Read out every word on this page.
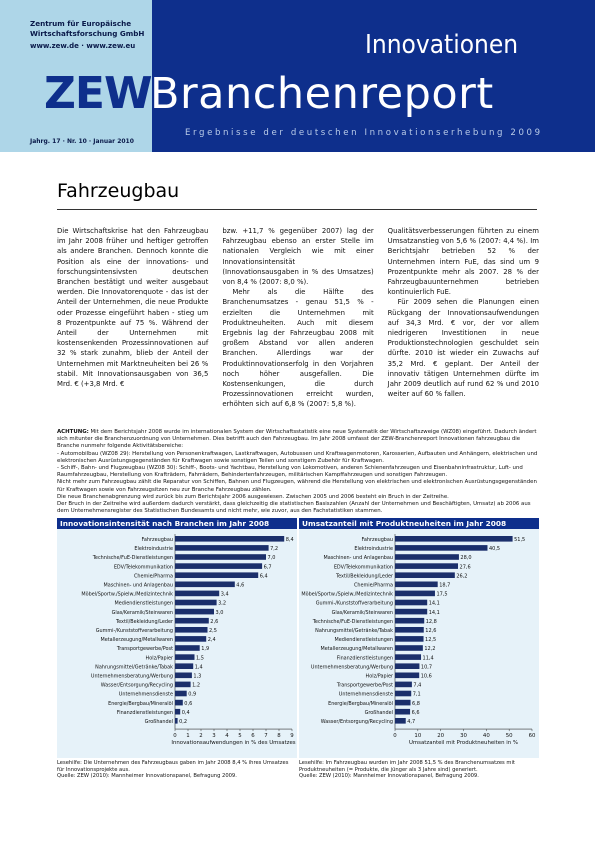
Zentrum für Europäische
Wirtschaftsforschung GmbH
www.zew.de · www.zew.eu
ZEW
Jahrg. 17 · Nr. 10 · Januar 2010
Innovationen
Branchenreport
Ergebnisse der deutschen Innovationserhebung 2009
Fahrzeugbau

Die Wirtschaftskrise hat den Fahrzeugbau im Jahr 2008 früher und heftiger getroffen als andere Branchen. Dennoch konnte die Position als eine der innovations- und forschungsintensivsten deutschen Branchen bestätigt und weiter ausgebaut werden. Die Innovatorenquote - das ist der Anteil der Unternehmen, die neue Produkte oder Prozesse eingeführt haben - stieg um 8 Prozentpunkte auf 75 %. Während der Anteil der Unternehmen mit kostensenkenden Prozessinnovationen auf 32 % stark zunahm, blieb der Anteil der Unternehmen mit Marktneuheiten bei 26 % stabil. Mit Innovationsausgaben von 36,5 Mrd. € (+3,8 Mrd. €

bzw. +11,7 % gegenüber 2007) lag der Fahrzeugbau ebenso an erster Stelle im nationalen Vergleich wie mit einer Innovationsintensität (Innovationsausgaben in % des Umsatzes) von 8,4 % (2007: 8,0 %).

Mehr als die Hälfte des Branchenumsatzes - genau 51,5 % - erzielten die Unternehmen mit Produktneuheiten. Auch mit diesem Ergebnis lag der Fahrzeugbau 2008 mit großem Abstand vor allen anderen Branchen. Allerdings war der Produktinnovationserfolg in den Vorjahren noch höher ausgefallen. Die Kostensenkungen, die durch Prozessinnovationen erreicht wurden, erhöhten sich auf 6,8 % (2007: 5,8 %).

Qualitätsverbesserungen führten zu einem Umsatzanstieg von 5,6 % (2007: 4,4 %). Im Berichtsjahr betrieben 52 % der Unternehmen intern FuE, das sind um 9 Prozentpunkte mehr als 2007. 28 % der Fahrzeugbauunternehmen betrieben kontinuierlich FuE.

Für 2009 sehen die Planungen einen Rückgang der Innovationsaufwendungen auf 34,3 Mrd. € vor, der vor allem niedrigeren Investitionen in neue Produktionstechnologien geschuldet sein dürfte. 2010 ist wieder ein Zuwachs auf 35,2 Mrd. € geplant. Der Anteil der innovativ tätigen Unternehmen dürfte im Jahr 2009 deutlich auf rund 62 % und 2010 weiter auf 60 % fallen.

ACHTUNG: Mit dem Berichtsjahr 2008 wurde im internationalen System der Wirtschaftsstatistik eine neue Systematik der Wirtschaftszweige (WZ08) eingeführt. Dadurch ändert sich mitunter die Branchenzuordnung von Unternehmen. Dies betrifft auch den Fahrzeugbau. Im Jahr 2008 umfasst der ZEW-Branchenreport Innovationen fahrzeugbau die Branche nunmehr folgende Aktivitätsbereiche:
- Automobilbau (WZ08 29): Herstellung von Personenkraftwagen, Lastkraftwagen, Autobussen und Kraftwagenmotoren, Karosserien, Aufbauten und Anhängern, elektrischen und elektronischen Ausrüstungsgegenständen für Kraftwagen sowie sonstigen Teilen und sonstigem Zubehör für Kraftwagen.
- Schiff-, Bahn- und Flugzeugbau (WZ08 30): Schiff-, Boots- und Yachtbau, Herstellung von Lokomotiven, anderen Schienenfahrzeugen und Eisenbahninfrastruktur, Luft- und Raumfahrzeugbau, Herstellung von Krafträdern, Fahrrädern, Behindertenfahrzeugen, militärischen Kampffahrzeugen und sonstigen Fahrzeugen.
Nicht mehr zum Fahrzeugbau zählt die Reparatur von Schiffen, Bahnen und Flugzeugen, während die Herstellung von elektrischen und elektronischen Ausrüstungsgegenständen für Kraftwagen sowie von Fahrzeugsitzen neu zur Branche Fahrzeugbau zählen.
Die neue Branchenabgrenzung wird zurück bis zum Berichtsjahr 2006 ausgewiesen. Zwischen 2005 und 2006 besteht ein Bruch in der Zeitreihe.
Der Bruch in der Zeitreihe wird außerdem dadurch verstärkt, dass gleichzeitig die statistischen Basiszahlen (Anzahl der Unternehmen und Beschäftigten, Umsatz) ab 2006 aus dem Unternehmensregister des Statistischen Bundesamts und nicht mehr, wie zuvor, aus den Fachstatistiken stammen.
Innovationsintensität nach Branchen im Jahr 2008
0 1 2 3 4 5 6 7 8 9
Fahrzeugbau	8,4
Elektroindustrie	7,2
Technische/FuE-Dienstleistungen	7,0
EDV/Telekommunikation	6,7
Chemie/Pharma	6,4
Maschinen- und Anlagenbau	4,6
Möbel/Sportw./Spielw./Medizintechnik	3,4
Mediendienstleistungen	3,2
Glas/Keramik/Steinwaren	3,0
Textil/Bekleidung/Leder	2,6
Gummi-/Kunststoffverarbeitung	2,5
Metallerzeugung/Metallwaren	2,4
Transportgewerbe/Post	1,9
Holz/Papier	1,5
Nahrungsmittel/Getränke/Tabak	1,4
Unternehmensberatung/Werbung	1,3
Wasser/Entsorgung/Recycling	1,2
Unternehmensdienste	0,9
Energie/Bergbau/Mineralöl 0,6
Finanzdienstleistungen 0,4
Großhandel 0,2
Innovationsaufwendungen in % des Umsatzes
Umsatzanteil mit Produktneuheiten im Jahr 2008
0	10	20	30	40	50	60
Fahrzeugbau	51,5
Elektroindustrie	40,5
Maschinen- und Anlagenbau	28,0
EDV/Telekommunikation	27,6
Textil/Bekleidung/Leder	26,2
Chemie/Pharma	18,7
Möbel/Sportw./Spielw./Medizintechnik	17,5
Gummi-/Kunststoffverarbeitung	14,1
Glas/Keramik/Steinwaren	14,1
Technische/FuE-Dienstleistungen	12,8
Nahrungsmittel/Getränke/Tabak	12,6
Mediendienstleistungen	12,5
Metallerzeugung/Metallwaren	12,2
Finanzdienstleistungen	11,4
Unternehmensberatung/Werbung	10,7
Holz/Papier	10,6
Transportgewerbe/Post	7,4
Unternehmensdienste	7,1
Energie/Bergbau/Mineralöl	6,8
Großhandel	6,6
Wasser/Entsorgung/Recycling	4,7
Umsatzanteil mit Produktneuheiten in %
Lesehilfe: Die Unternehmen des Fahrzeugbaus gaben im Jahr 2008 8,4 % ihres Umsatzes für Innovationsprojekte aus.
Quelle: ZEW (2010): Mannheimer Innovationspanel, Befragung 2009.
Lesehilfe: Im Fahrzeugbau wurden im Jahr 2008 51,5 % des Branchenumsatzes mit Produktneuheiten (= Produkte, die jünger als 3 Jahre sind) generiert.
Quelle: ZEW (2010): Mannheimer Innovationspanel, Befragung 2009.
